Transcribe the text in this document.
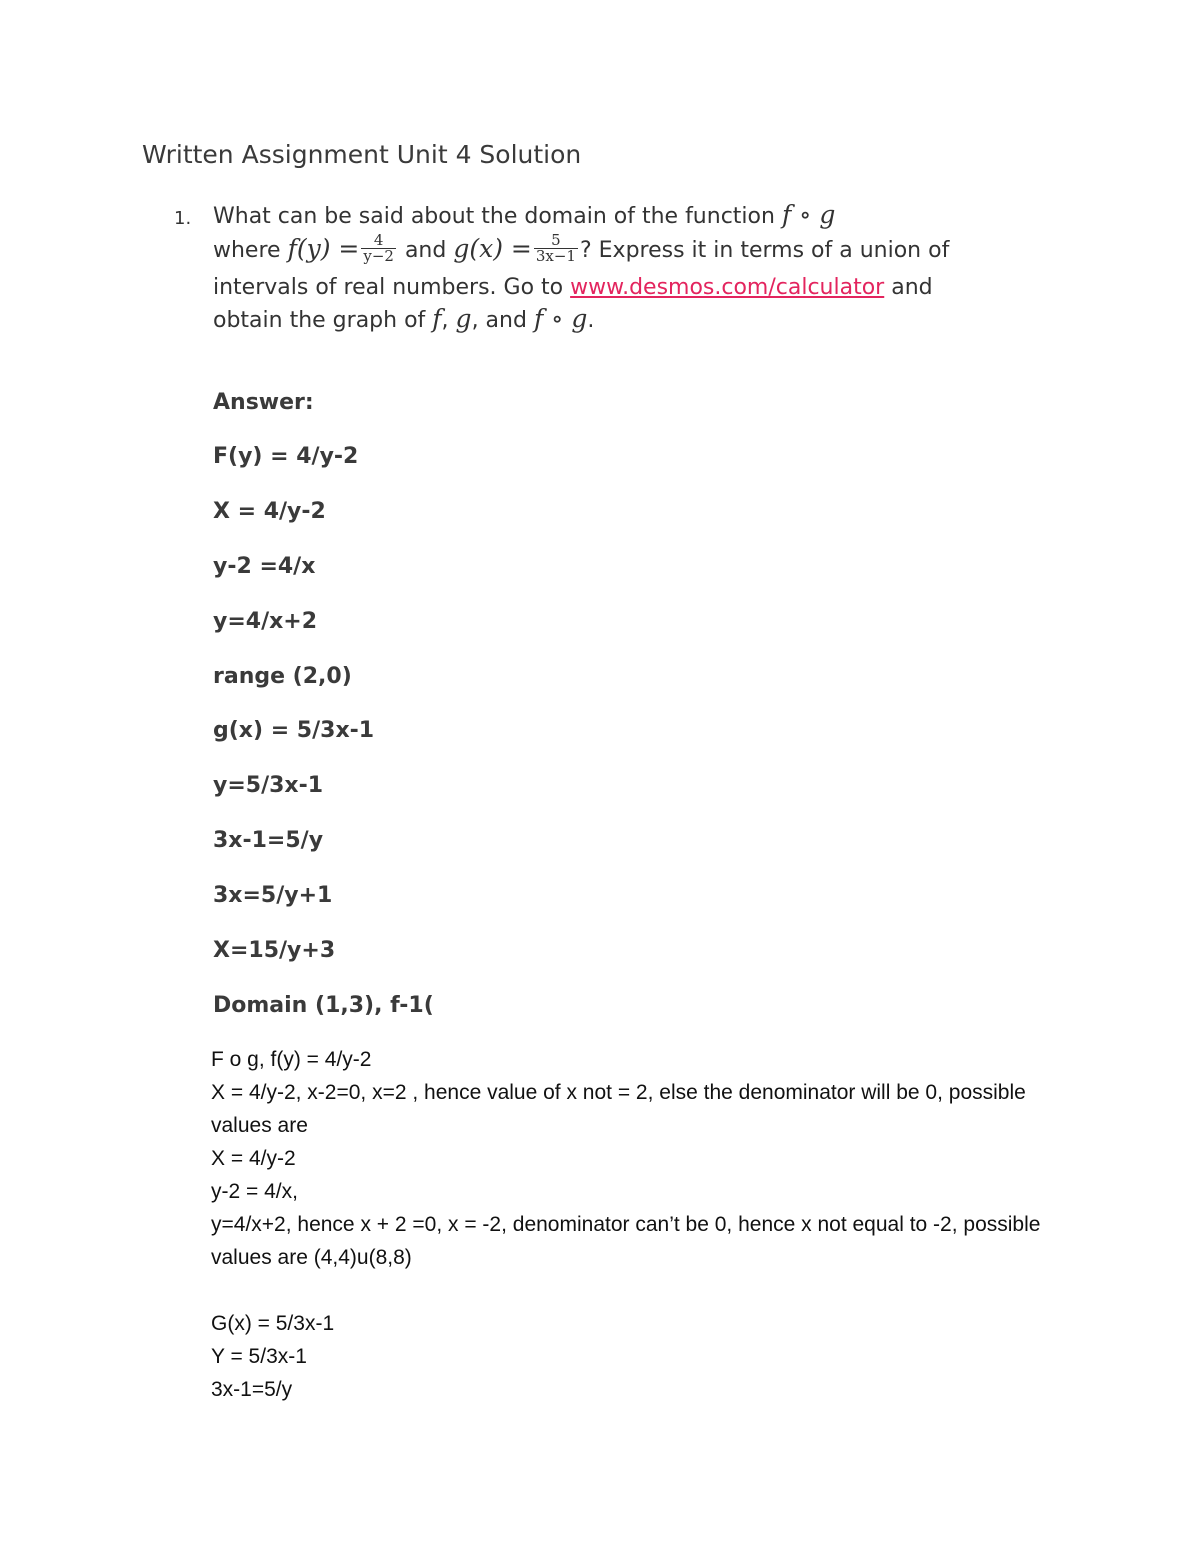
Written Assignment Unit 4 Solution
1. What can be said about the domain of the function f ∘ g
where $f(y) = \frac{4}{y-2}$ and $g(x) = \frac{5}{3x-1}$ ? Express it in terms of a union of
intervals of real numbers. Go to www.desmos.com/calculator and
obtain the graph of f, g, and f ∘ g.
Answer:
F(y) = 4/y-2
X = 4/y-2
y-2 =4/x
y=4/x+2
range (2,0)
g(x) = 5/3x-1
y=5/3x-1
3x-1=5/y
3x=5/y+1
X=15/y+3
Domain (1,3), f-1(
F o g, f(y) = 4/y-2
X = 4/y-2, x-2=0, x=2 , hence value of x not = 2, else the denominator will be 0, possible
values are
X = 4/y-2
y-2 = 4/x,
y=4/x+2, hence x + 2 =0, x = -2, denominator can’t be 0, hence x not equal to -2, possible
values are (4,4)u(8,8)
G(x) = 5/3x-1
Y = 5/3x-1
3x-1=5/y
